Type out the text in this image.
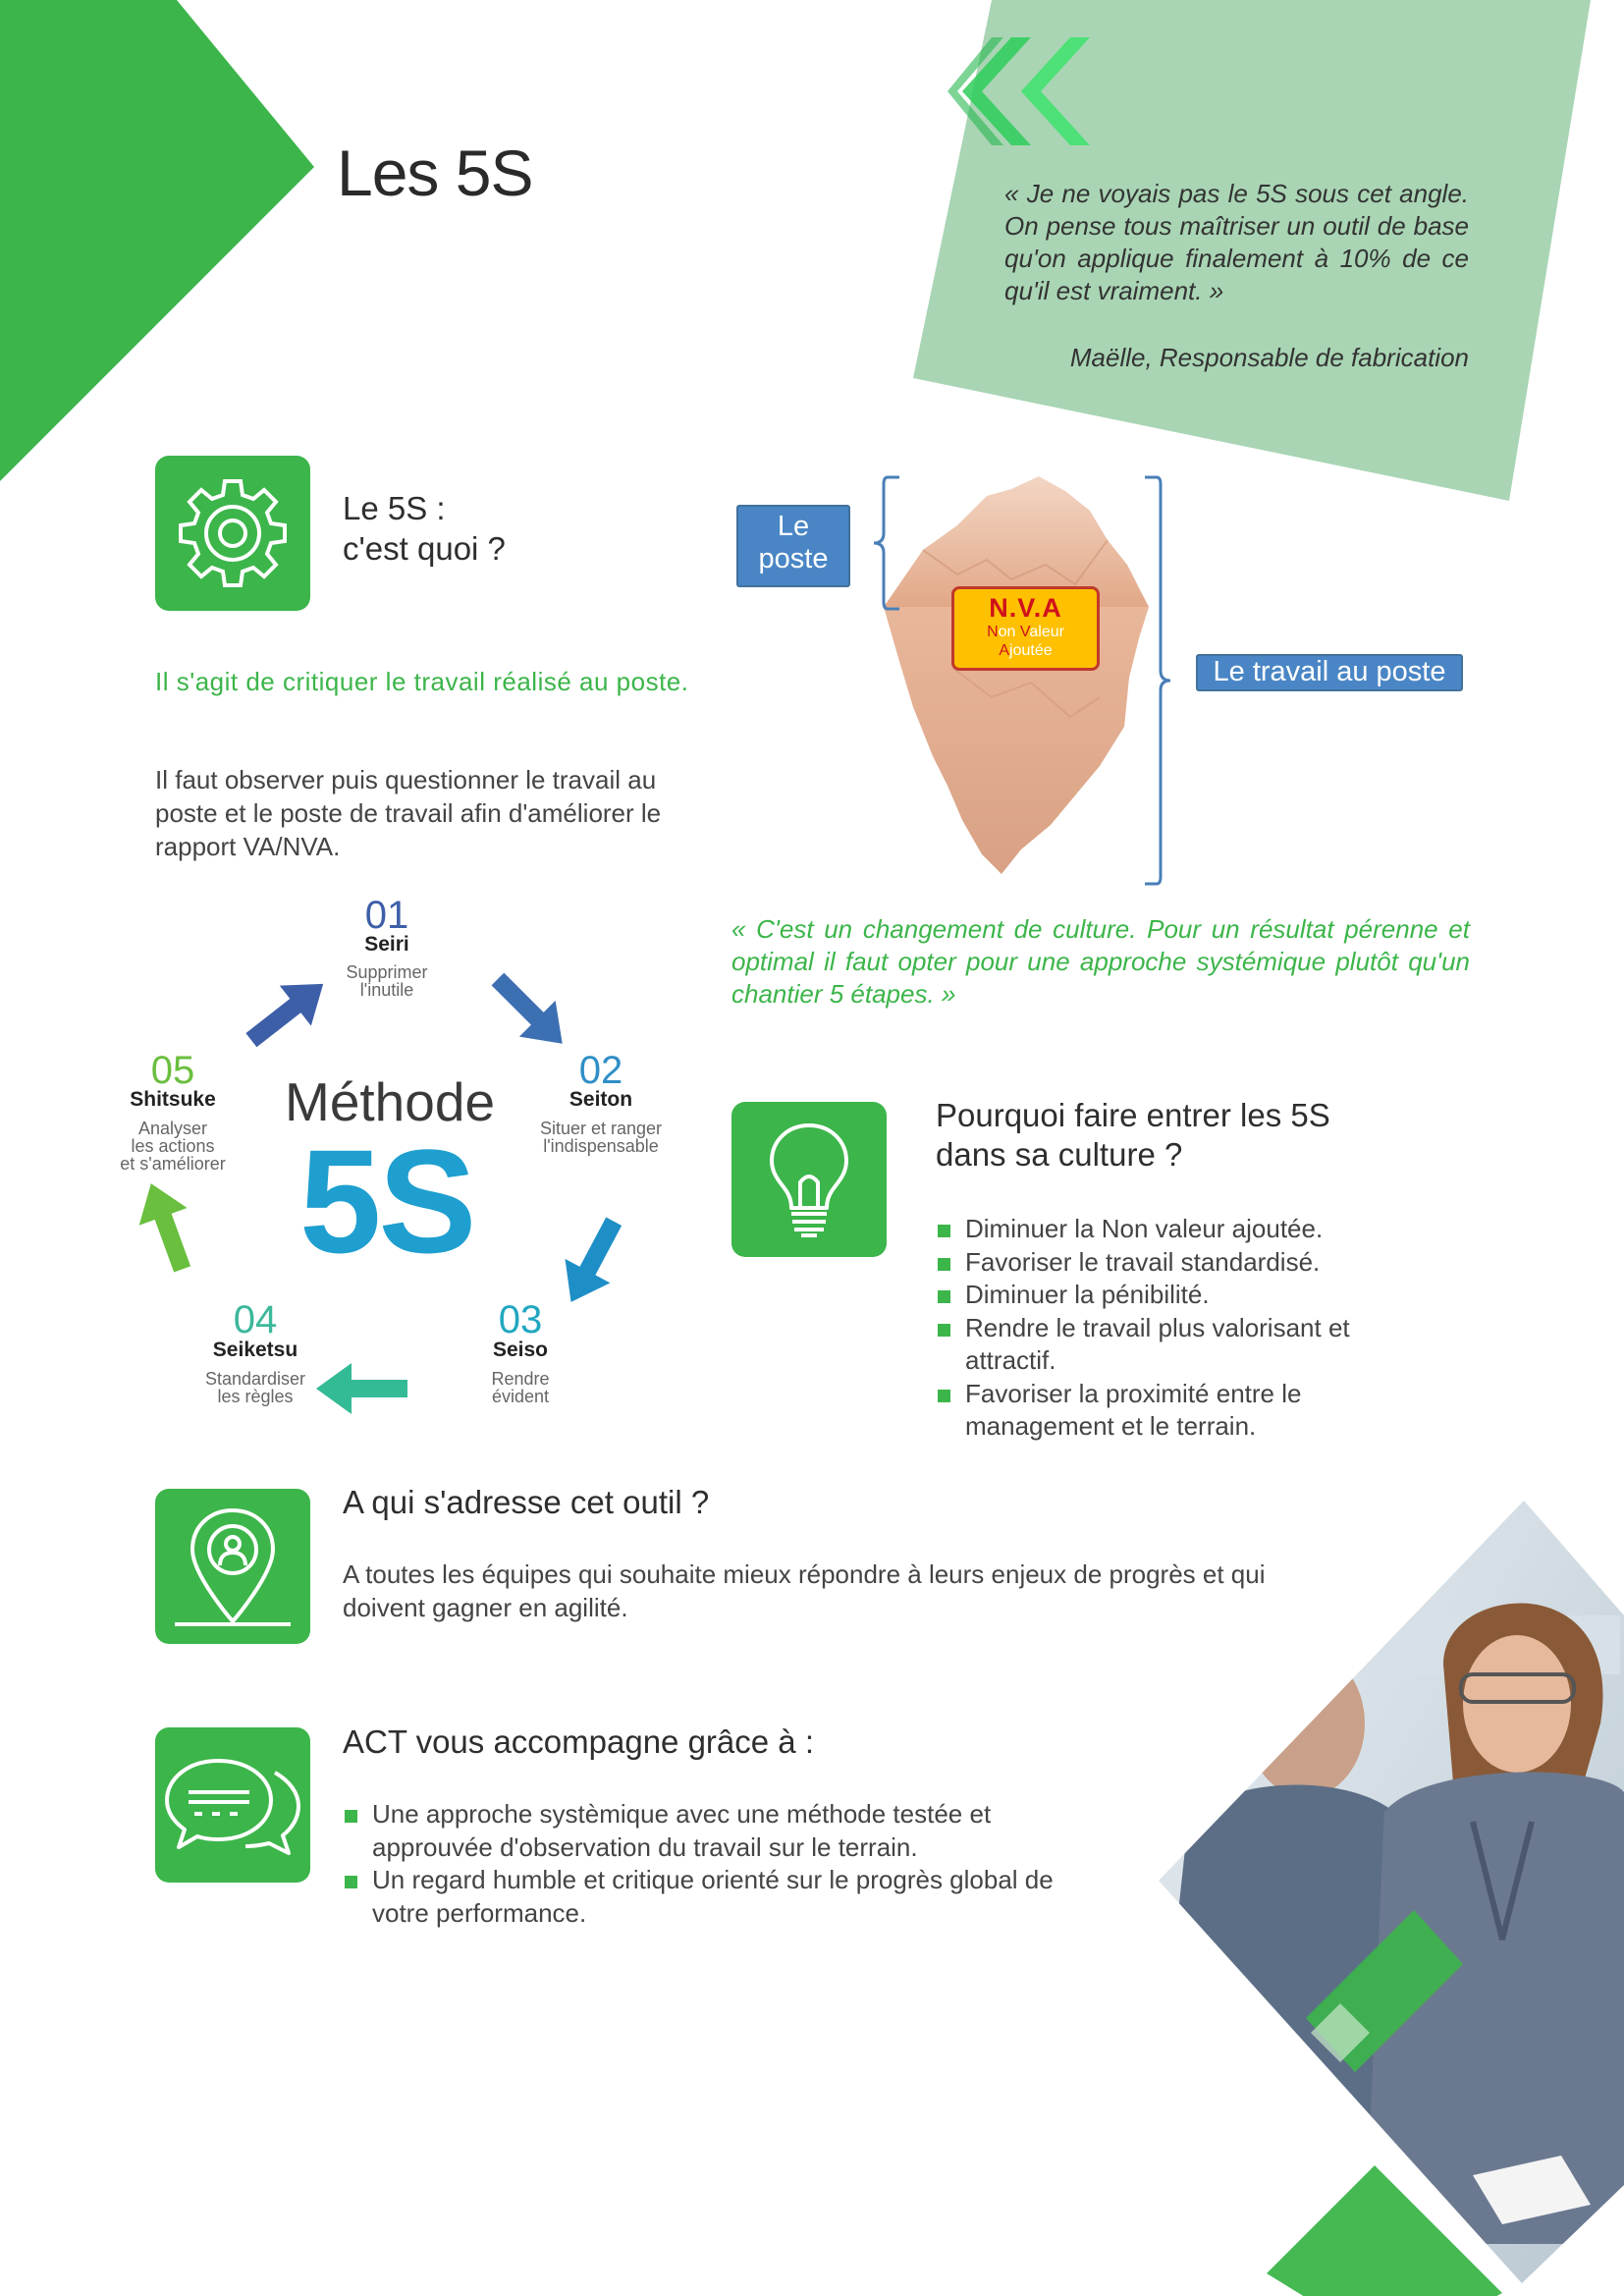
Les 5S	« Je ne voyais pas le 5S sous cet angle. On pense tous maîtriser un outil de base qu'on applique finalement à 10% de ce qu'il est vraiment. »
Maëlle, Responsable de fabrication
Le 5S :
c'est quoi ?
Il s'agit de critiquer le travail réalisé au poste.
Il faut observer puis questionner le travail au poste et le poste de travail afin d'améliorer le rapport VA/NVA.
Le
poste
Le travail au poste
N.V.A
Non Valeur
Ajoutée
« C'est un changement de culture. Pour un résultat pérenne et optimal il faut opter pour une approche systémique plutôt qu'un chantier 5 étapes. »
Méthode
5S
01
Seiri
Supprimer
l'inutile
02
Seiton
Situer et ranger
l'indispensable
03
Seiso
Rendre
évident
04
Seiketsu
Standardiser
les règles
05
Shitsuke
Analyser
les actions
et s'améliorer
Pourquoi faire entrer les 5S
dans sa culture ?
Diminuer la Non valeur ajoutée.
Favoriser le travail standardisé.
Diminuer la pénibilité.
Rendre le travail plus valorisant et attractif.
Favoriser la proximité entre le management et le terrain.
A qui s'adresse cet outil ?
A toutes les équipes qui souhaite mieux répondre à leurs enjeux de progrès et qui doivent gagner en agilité.
ACT vous accompagne grâce à :
Une approche systèmique avec une méthode testée et approuvée d'observation du travail sur le terrain.
Un regard humble et critique orienté sur le progrès global de votre performance.
